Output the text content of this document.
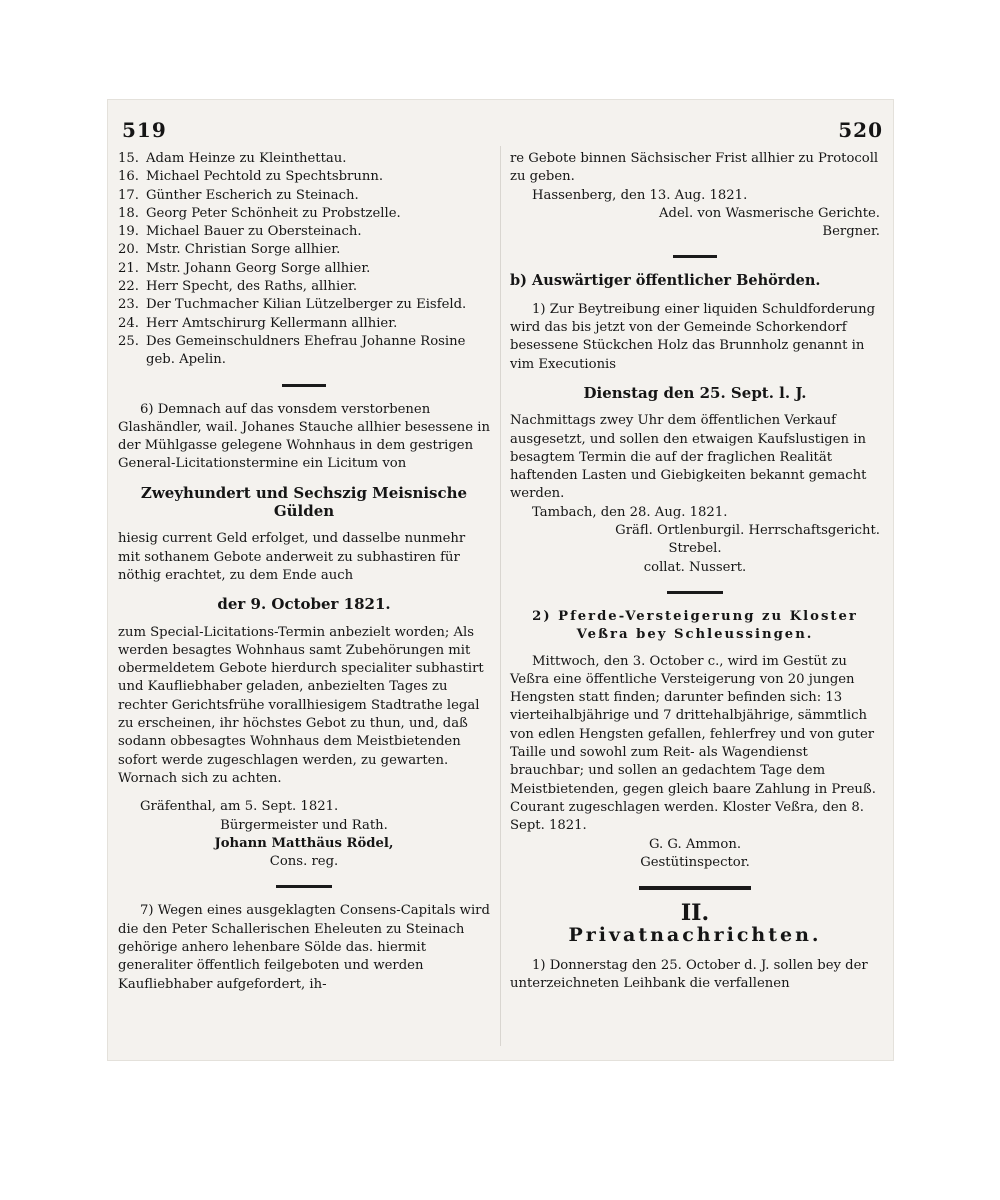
519	520
15. Adam Heinze zu Kleinthettau.
16. Michael Pechtold zu Spechtsbrunn.
17. Günther Escherich zu Steinach.
18. Georg Peter Schönheit zu Probstzelle.
19. Michael Bauer zu Obersteinach.
20. Mstr. Christian Sorge allhier.
21. Mstr. Johann Georg Sorge allhier.
22. Herr Specht, des Raths, allhier.
23. Der Tuchmacher Kilian Lützelberger zu Eisfeld.
24. Herr Amtschirurg Kellermann allhier.
25. Des Gemeinschuldners Ehefrau Johanne Rosine geb. Apelin.

6) Demnach auf das vonsdem verstorbenen Glashändler, wail. Johanes Stauche allhier besessene in der Mühlgasse gelegene Wohnhaus in dem gestrigen General-Licitationstermine ein Licitum von

Zweyhundert und Sechszig Meisnische Gülden

hiesig current Geld erfolget, und dasselbe nunmehr mit sothanem Gebote anderweit zu subhastiren für nöthig erachtet, zu dem Ende auch

der 9. October 1821.

zum Special-Licitations-Termin anbezielt worden; Als werden besagtes Wohnhaus samt Zubehörungen mit obermeldetem Gebote hierdurch specialiter subhastirt und Kaufliebhaber geladen, anbezielten Tages zu rechter Gerichtsfrühe vorallhiesigem Stadtrathe legal zu erscheinen, ihr höchstes Gebot zu thun, und, daß sodann obbesagtes Wohnhaus dem Meistbietenden sofort werde zugeschlagen werden, zu gewarten. Wornach sich zu achten.

Gräfenthal, am 5. Sept. 1821.

Bürgermeister und Rath.

Johann Matthäus Rödel,

Cons. reg.

7) Wegen eines ausgeklagten Consens-Capitals wird die den Peter Schallerischen Eheleuten zu Steinach gehörige anhero lehenbare Sölde das. hiermit generaliter öffentlich feilgeboten und werden Kaufliebhaber aufgefordert, ih-

re Gebote binnen Sächsischer Frist allhier zu Protocoll zu geben.

Hassenberg, den 13. Aug. 1821.

Adel. von Wasmerische Gerichte.

Bergner.

b) Auswärtiger öffentlicher Behörden.

1) Zur Beytreibung einer liquiden Schuldforderung wird das bis jetzt von der Gemeinde Schorkendorf besessene Stückchen Holz das Brunnholz genannt in vim Executionis

Dienstag den 25. Sept. l. J.

Nachmittags zwey Uhr dem öffentlichen Verkauf ausgesetzt, und sollen den etwaigen Kaufslustigen in besagtem Termin die auf der fraglichen Realität haftenden Lasten und Giebigkeiten bekannt gemacht werden.

Tambach, den 28. Aug. 1821.

Gräfl. Ortlenburgil. Herrschaftsgericht.

Strebel.

collat. Nussert.

2) Pferde-Versteigerung zu Kloster Veßra bey Schleussingen.

Mittwoch, den 3. October c., wird im Gestüt zu Veßra eine öffentliche Versteigerung von 20 jungen Hengsten statt finden; darunter befinden sich: 13 vierteihalbjährige und 7 drittehalbjährige, sämmtlich von edlen Hengsten gefallen, fehlerfrey und von guter Taille und sowohl zum Reit- als Wagendienst brauchbar; und sollen an gedachtem Tage dem Meistbietenden, gegen gleich baare Zahlung in Preuß. Courant zugeschlagen werden. Kloster Veßra, den 8. Sept. 1821.

G. G. Ammon.

Gestütinspector.

II.

Privatnachrichten.

1) Donnerstag den 25. October d. J. sollen bey der unterzeichneten Leihbank die verfallenen
